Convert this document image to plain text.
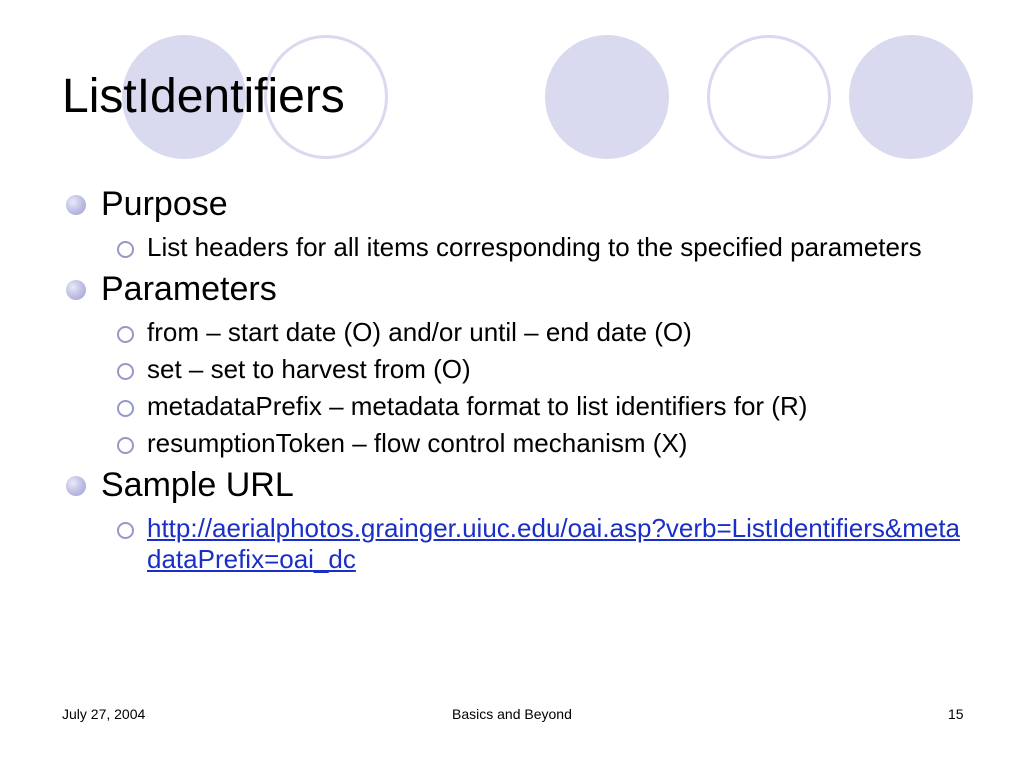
ListIdentifiers
Purpose
List headers for all items corresponding to the specified parameters
Parameters
from – start date (O) and/or until – end date (O)
set – set to harvest from (O)
metadataPrefix – metadata format to list identifiers for (R)
resumptionToken – flow control mechanism (X)
Sample URL
http://aerialphotos.grainger.uiuc.edu/oai.asp?verb=ListIdentifiers&metadataPrefix=oai_dc
July 27, 2004	Basics and Beyond	15
